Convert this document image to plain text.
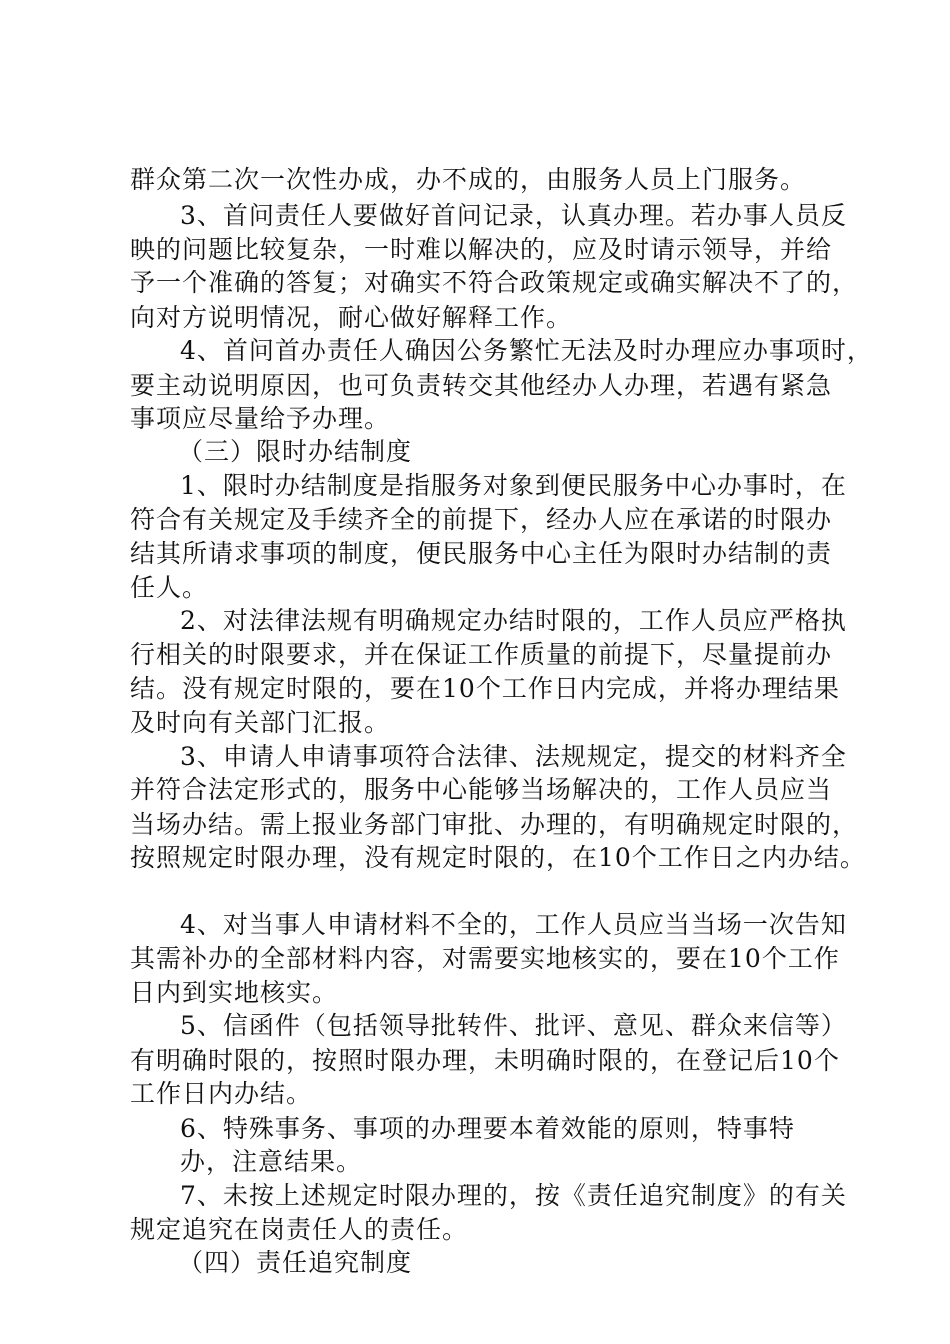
群众第二次一次性办成，办不成的，由服务人员上门服务。
3、首问责任人要做好首问记录，认真办理。若办事人员反
映的问题比较复杂，一时难以解决的，应及时请示领导，并给
予一个准确的答复；对确实不符合政策规定或确实解决不了的，
向对方说明情况，耐心做好解释工作。
4、首问首办责任人确因公务繁忙无法及时办理应办事项时，
要主动说明原因，也可负责转交其他经办人办理，若遇有紧急
事项应尽量给予办理。
（三）限时办结制度
1、限时办结制度是指服务对象到便民服务中心办事时，在
符合有关规定及手续齐全的前提下，经办人应在承诺的时限办
结其所请求事项的制度，便民服务中心主任为限时办结制的责
任人。
2、对法律法规有明确规定办结时限的，工作人员应严格执
行相关的时限要求，并在保证工作质量的前提下，尽量提前办
结。没有规定时限的，要在10个工作日内完成，并将办理结果
及时向有关部门汇报。
3、申请人申请事项符合法律、法规规定，提交的材料齐全
并符合法定形式的，服务中心能够当场解决的，工作人员应当
当场办结。需上报业务部门审批、办理的，有明确规定时限的，
按照规定时限办理，没有规定时限的，在10个工作日之内办结。
4、对当事人申请材料不全的，工作人员应当当场一次告知
其需补办的全部材料内容，对需要实地核实的，要在10个工作
日内到实地核实。
5、信函件（包括领导批转件、批评、意见、群众来信等）
有明确时限的，按照时限办理，未明确时限的，在登记后10个
工作日内办结。
6、特殊事务、事项的办理要本着效能的原则，特事特
办，注意结果。
7、未按上述规定时限办理的，按《责任追究制度》的有关
规定追究在岗责任人的责任。
（四）责任追究制度
